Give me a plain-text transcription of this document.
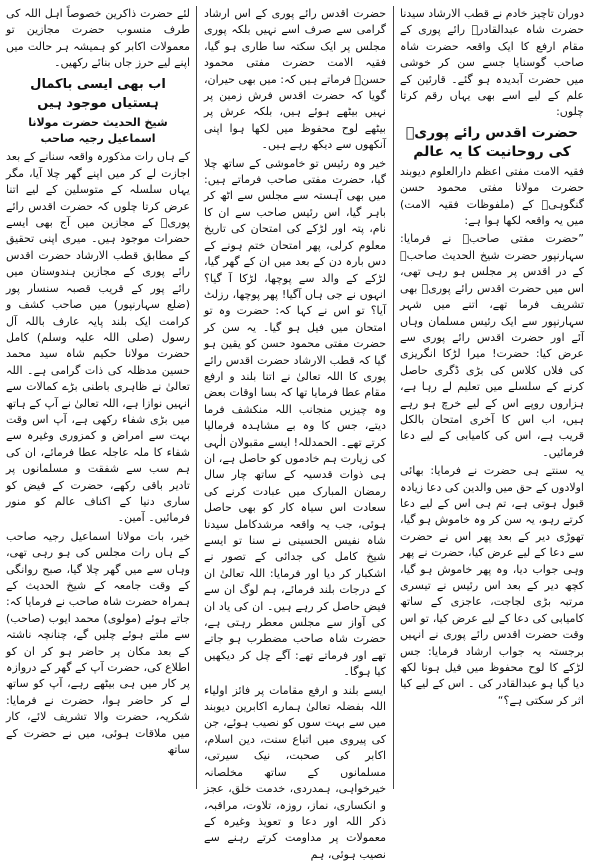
دوران تاچیز خادم نے قطب الارشاد سیدنا حضرت شاہ عبدالقادرؒ رائے پوری کے مقام ارفع کا ایک واقعہ حضرت شاہ صاحب گوسنایا جسے سن کر خوشی میں حضرت آبدیدہ ہو گئے۔ قارئین کے علم کے لیے اسے بھی یہاں رقم کرتا چلوں:

حضرت اقدس رائے پوریؒ کی روحانیت کا یہ عالم

فقیہ الامت مفتی اعظم دارالعلوم دیوبند حضرت مولانا مفتی محمود حسن گنگوہیؒ کے (ملفوظات فقیہ الامت) میں یہ واقعہ لکھا ہوا ہے:

”حضرت مفتی صاحبؒ نے فرمایا: سہارنپور حضرت شیخ الحدیث صاحبؒ کے در اقدس پر مجلس ہو رہی تھی، اس میں حضرت اقدس رائے پوریؒ بھی تشریف فرما تھے، اتنے میں شہر سہارنپور سے ایک رئیس مسلمان وہاں آئے اور حضرت اقدس رائے پوری سے عرض کیا: حضرت! میرا لڑکا انگریزی کی فلاں کلاس کی بڑی ڈگری حاصل کرنے کے سلسلے میں تعلیم لے رہا ہے، ہزاروں روپے اس کے لیے خرچ ہو رہے ہیں، اب اس کا آخری امتحان بالکل قریب ہے، اس کی کامیابی کے لیے دعا فرمائیں۔

یہ سنتے ہی حضرت نے فرمایا: بھائی اولادوں کے حق میں والدین کی دعا زیادہ قبول ہوتی ہے، تم ہی اس کے لیے دعا کرتے رہو، یہ سن کر وہ خاموش ہو گیا، تھوڑی دیر کے بعد پھر اس نے حضرت سے دعا کے لیے عرض کیا، حضرت نے پھر وہی جواب دیا، وہ پھر خاموش ہو گیا، کچھ دیر کے بعد اس رئیس نے تیسری مرتبہ بڑی لجاجت، عاجزی کے ساتھ کامیابی کی دعا کے لیے عرض کیا، تو اس وقت حضرت اقدس رائے پوری نے انہیں برجستہ یہ جواب ارشاد فرمایا: جس لڑکے کا لوح محفوظ میں فیل ہونا لکھ دیا گیا ہو عبدالقادر کی ۔ اس کے لیے کیا اثر کر سکتی ہے؟“

حضرت اقدس رائے پوری کے اس ارشاد گرامی سے صرف اسے نہیں بلکہ پوری مجلس پر ایک سکتہ سا طاری ہو گیا، فقیہ الامت حضرت مفتی محمود حسنؒ فرماتے ہیں کہ: میں بھی حیران، گویا کہ حضرت اقدس فرش زمین پر نہیں بیٹھے ہوئے ہیں، بلکہ عرش پر بیٹھے لوح محفوظ میں لکھا ہوا اپنی آنکھوں سے دیکھ رہے ہیں۔

خیر وہ رئیس تو خاموشی کے ساتھ چلا گیا، حضرت مفتی صاحب فرماتے ہیں: میں بھی آہستہ سے مجلس سے اٹھ کر باہر گیا، اس رئیس صاحب سے ان کا نام، پتہ اور لڑکے کی امتحان کی تاریخ معلوم کرلی، پھر امتحان ختم ہونے کے دس بارہ دن کے بعد میں ان کے گھر گیا، لڑکے کے والد سے پوچھا، لڑکا آ گیا؟ انہوں نے جی ہاں آگیا! پھر پوچھا، رزلٹ آیا؟ تو اس نے کہا کہ: حضرت وہ تو امتحان میں فیل ہو گیا۔ یہ سن کر حضرت مفتی محمود حسن کو یقین ہو گیا کہ قطب الارشاد حضرت اقدس رائے پوری کا اللہ تعالیٰ نے اتنا بلند و ارفع مقام عطا فرمایا تھا کہ بسا اوقات بعض وہ چیزیں منجانب اللہ منکشف فرما دیتے، جس کا وہ بے مشاہدہ فرمالیا کرتے تھے۔ الحمدللہ! ایسے مقبولان الٰہی کی زیارت ہم خادموں کو حاصل ہے، ان ہی ذوات قدسیہ کے ساتھ چار سال رمضان المبارک میں عبادت کرنے کی سعادت اس سیاہ کار کو بھی حاصل ہوئی، جب یہ واقعہ مرشدکامل سیدنا شاہ نفیس الحسینی نے سنا تو ایسے شیخ کامل کی جدائی کے تصور نے اشکبار کر دیا اور فرمایا: اللہ تعالیٰ ان کے درجات بلند فرمائے، ہم لوگ ان سے فیض حاصل کر رہے ہیں۔ ان کی یاد ان کی آواز سے مجلس معطر رہتی ہے، حضرت شاہ صاحب مضطرب ہو جاتے تھے اور فرماتے تھے: آگے چل کر دیکھیں کیا ہوگا۔

ایسے بلند و ارفع مقامات پر فائز اولیاء اللہ بفضلہ تعالیٰ ہمارے اکابرین دیوبند میں سے بہت سوں کو نصیب ہوئے، جن کی پیروی میں اتباع سنت، دین اسلام، اکابر کی صحبت، نیک سیرتی، مسلمانوں کے ساتھ مخلصانہ خیرخواہی، ہمدردی، خدمت خلق، عجز و انکساری، نماز، روزہ، تلاوت، مراقبہ، ذکر اللہ اور دعا و تعویذ وغیرہ کے معمولات پر مداومت کرتے رہنے سے نصیب ہوئی، ہم

لئے حضرت ذاکرین خصوصاً اہل اللہ کی طرف منسوب حضرت مجازین تو معمولات اکابر کو ہمیشہ ہر حالت میں اپنے لیے حرز جاں بنائے رکھیں۔

اب بھی ایسی باکمال ہستیاں موجود ہیں
شیخ الحدیث حضرت مولانا اسماعیل رجیہ صاحب

کے ہاں رات مذکورہ واقعہ سنانے کے بعد اجازت لے کر میں اپنے گھر چلا آیا، مگر یہاں سلسلہ کے متوسلین کے لیے اتنا عرض کرتا چلوں کہ حضرت اقدس رائے پوریؒ کے مجازین میں آج بھی ایسے حضرات موجود ہیں۔ میری اپنی تحقیق کے مطابق قطب الارشاد حضرت اقدس رائے پوری کے مجازین ہندوستان میں رائے پور کے قریب قصبہ سنسار پور (ضلع سہارنپور) میں صاحب کشف و کرامت ایک بلند پایہ عارف باللہ آل رسول (صلی اللہ علیہ وسلم) کامل حضرت مولانا حکیم شاہ سید محمد حسین مدظلہ کی ذات گرامی ہے۔ اللہ تعالیٰ نے ظاہری باطنی بڑے کمالات سے انہیں نوازا ہے، اللہ تعالیٰ نے آپ کے ہاتھ میں بڑی شفاء رکھی ہے، آپ اس وقت بہت سے امراض و کمزوری وغیرہ سے شفاء کا ملہ عاجلہ عطا فرمائے، ان کی ہم سب سے شفقت و مسلمانوں پر تادیر باقی رکھے، حضرت کے فیض کو ساری دنیا کے اکناف عالم کو منور فرمائیں۔ آمین۔

خیر، بات مولانا اسماعیل رجیہ صاحب کے ہاں رات مجلس کی ہو رہی تھی، وہاں سے میں گھر چلا گیا، صبح روانگی کے وقت جامعہ کے شیخ الحدیث کے ہمراہ حضرت شاہ صاحب نے فرمایا کہ: جاتے ہوئے (مولوی) محمد ایوب (صاحب) سے ملتے ہوئے چلیں گے، چنانچہ ناشتہ کے بعد مکان پر حاضر ہو کر ان کو اطلاع کی، حضرت آپ کے گھر کے دروازہ پر کار میں ہی بیٹھے رہے، آپ کو ساتھ لے کر حاضر ہوا، حضرت نے فرمایا: شکریہ، حضرت والا تشریف لائے، کار میں ملاقات ہوئی، میں نے حضرت کے ساتھ
